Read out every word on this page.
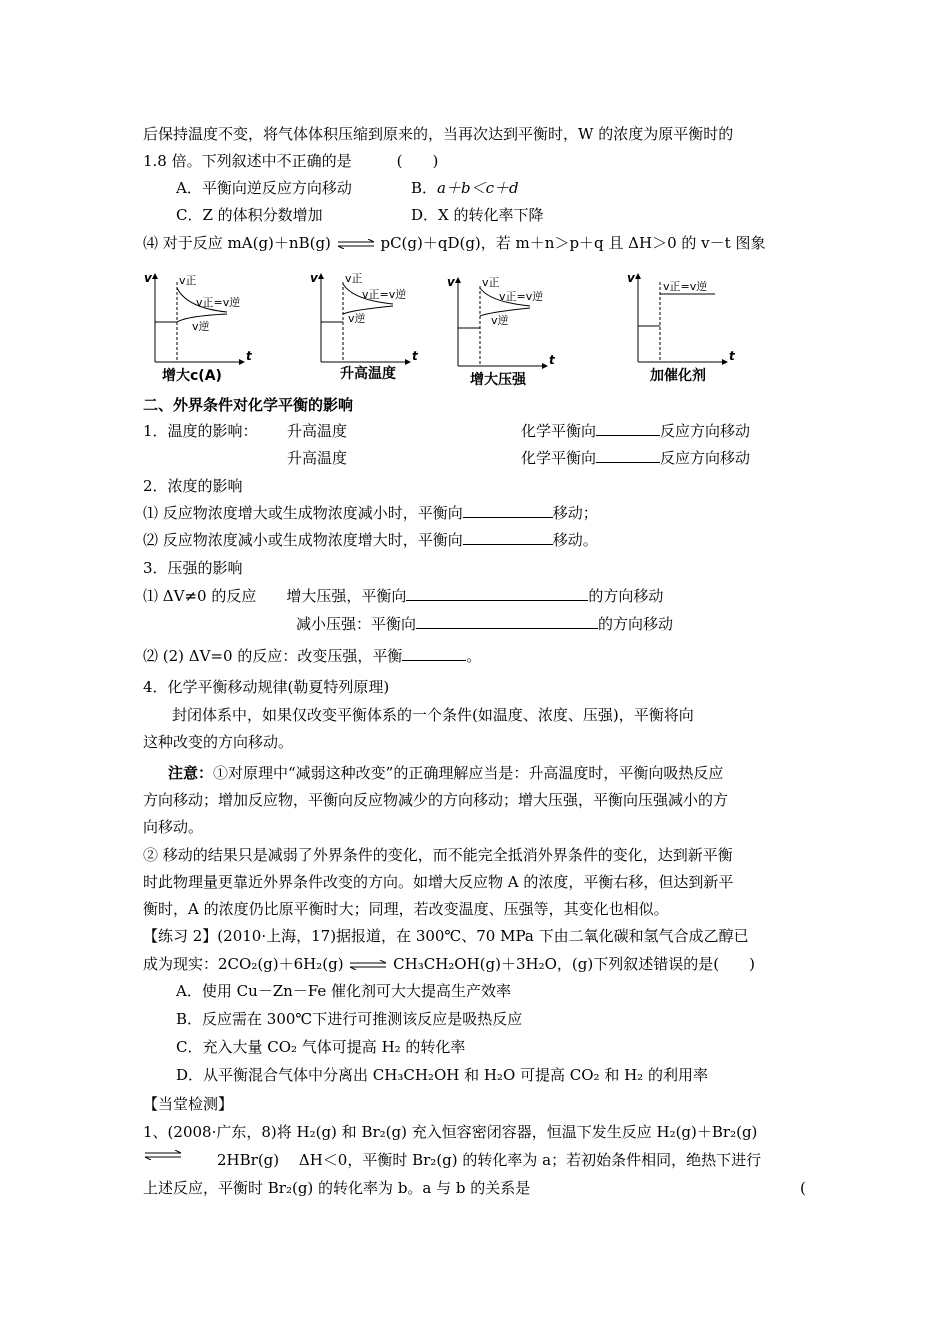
后保持温度不变，将气体体积压缩到原来的，当再次达到平衡时，W 的浓度为原平衡时的
1.8 倍。下列叙述中不正确的是　　　(　　)
A．平衡向逆反应方向移动	B．a＋b＜c＋d
C．Z 的体积分数增加	D．X 的转化率下降
⑷ 对于反应 mA(g)＋nB(g) ⇌ pC(g)＋qD(g)，若 m＋n＞p＋q 且 ΔH＞0 的 v－t 图象
v
t
v正
v正=v逆
v逆
增大c(A)
v
t
v正
v正=v逆
v逆
升高温度
v
t
v正
v正=v逆
v逆
增大压强
v
t
v正=v逆
加催化剂
二、外界条件对化学平衡的影响
1．温度的影响： 升高温度	化学平衡向	反应方向移动
升高温度	化学平衡向	反应方向移动
2．浓度的影响
⑴ 反应物浓度增大或生成物浓度减小时，平衡向	移动；
⑵ 反应物浓度减小或生成物浓度增大时，平衡向	移动。
3．压强的影响
⑴ ΔV≠0 的反应　　增大压强，平衡向	的方向移动
减小压强：平衡向	的方向移动
⑵ (2) ΔV=0 的反应：改变压强，平衡	。
4．化学平衡移动规律(勒夏特列原理)
封闭体系中，如果仅改变平衡体系的一个条件(如温度、浓度、压强)，平衡将向
这种改变的方向移动。
注意：①对原理中“减弱这种改变”的正确理解应当是：升高温度时，平衡向吸热反应
方向移动；增加反应物，平衡向反应物减少的方向移动；增大压强，平衡向压强减小的方
向移动。
② 移动的结果只是减弱了外界条件的变化，而不能完全抵消外界条件的变化，达到新平衡
时此物理量更靠近外界条件改变的方向。如增大反应物 A 的浓度，平衡右移，但达到新平
衡时，A 的浓度仍比原平衡时大；同理，若改变温度、压强等，其变化也相似。
【练习 2】(2010·上海，17)据报道，在 300℃、70 MPa 下由二氧化碳和氢气合成乙醇已
成为现实：2CO₂(g)＋6H₂(g) ⇌ CH₃CH₂OH(g)＋3H₂O，(g)下列叙述错误的是(　　)
A．使用 Cu－Zn－Fe 催化剂可大大提高生产效率
B．反应需在 300℃下进行可推测该反应是吸热反应
C．充入大量 CO₂ 气体可提高 H₂ 的转化率
D．从平衡混合气体中分离出 CH₃CH₂OH 和 H₂O 可提高 CO₂ 和 H₂ 的利用率
【当堂检测】
1、(2008·广东，8)将 H₂(g) 和 Br₂(g) 充入恒容密闭容器，恒温下发生反应 H₂(g)＋Br₂(g)
2HBr(g)　 ΔH＜0，平衡时 Br₂(g) 的转化率为 a；若初始条件相同，绝热下进行
上述反应，平衡时 Br₂(g) 的转化率为 b。a 与 b 的关系是	(
